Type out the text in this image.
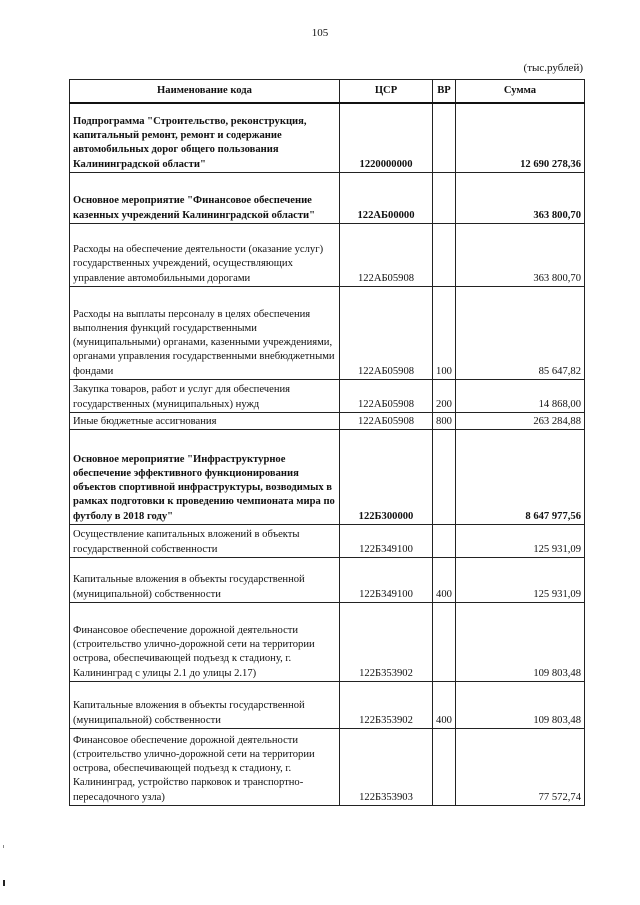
105
(тыс.рублей)
Наименование кода	ЦСР	ВР	Сумма
Подпрограмма "Строительство, реконструкция, капитальный ремонт, ремонт и содержание автомобильных дорог общего пользования Калининградской области"	1220000000		12 690 278,36
Основное мероприятие "Финансовое обеспечение казенных учреждений Калининградской области"	122АБ00000		363 800,70
Расходы на обеспечение деятельности (оказание услуг) государственных учреждений, осуществляющих управление автомобильными дорогами	122АБ05908		363 800,70
Расходы на выплаты персоналу в целях обеспечения выполнения функций государственными (муниципальными) органами, казенными учреждениями, органами управления государственными внебюджетными фондами	122АБ05908	100	85 647,82
Закупка товаров, работ и услуг для обеспечения государственных (муниципальных) нужд	122АБ05908	200	14 868,00
Иные бюджетные ассигнования	122АБ05908	800	263 284,88
Основное мероприятие "Инфраструктурное обеспечение эффективного функционирования объектов спортивной инфраструктуры, возводимых в рамках подготовки к проведению чемпионата мира по футболу в 2018 году"	122Б300000		8 647 977,56
Осуществление капитальных вложений в объекты государственной собственности	122Б349100		125 931,09
Капитальные вложения в объекты государственной (муниципальной) собственности	122Б349100	400	125 931,09
Финансовое обеспечение дорожной деятельности (строительство улично-дорожной сети на территории острова, обеспечивающей подъезд к стадиону, г. Калининград с улицы 2.1 до улицы 2.17)	122Б353902		109 803,48
Капитальные вложения в объекты государственной (муниципальной) собственности	122Б353902	400	109 803,48
Финансовое обеспечение дорожной деятельности (строительство улично-дорожной сети на территории острова, обеспечивающей подъезд к стадиону, г. Калининград, устройство парковок и транспортно-пересадочного узла)	122Б353903		77 572,74
